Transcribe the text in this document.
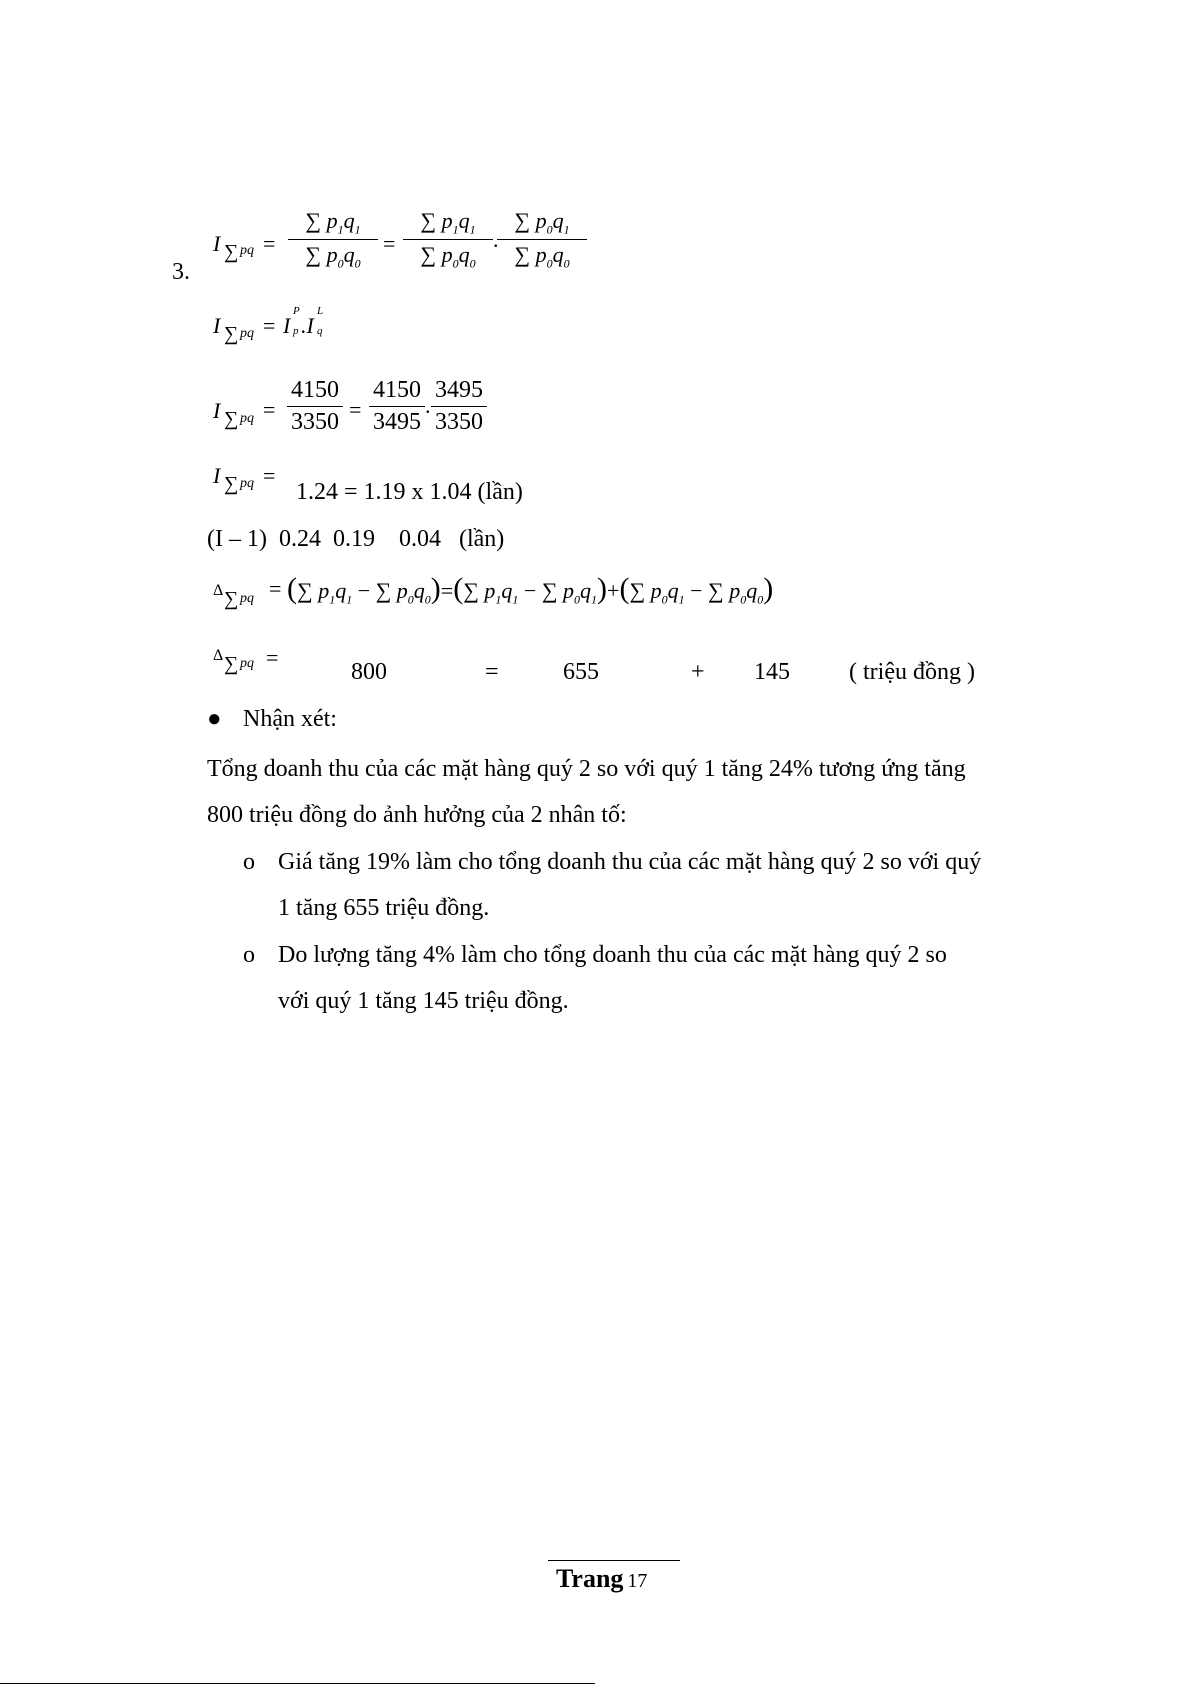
3.
I ∑ pq =
∑ $p_1q_1$
∑ $p_0q_0$
=
∑ $p_1q_1$
∑ $p_0q_0$
.
∑ $p_0q_1$
∑ $p_0q_0$
I ∑ pq = I
P
p .I
L
q
I ∑ pq =
4150
3350 =
4150
3495
.
3495
3350
I ∑ pq =
1.24 = 1.19 x 1.04 (lần)
(I – 1)  0.24  0.19    0.04   (lần)
Δ ∑ pq = (∑ $p_1q_1$ − ∑ $p_0q_0)=(\sum$ $p_1q_1$ − ∑ $p_0q_1)+(\sum$ $p_0q_1$ − ∑ $p_0q_0$)
Δ ∑ pq =
800	=	655	+ 145 ( triệu đồng )
● Nhận xét:
Tổng doanh thu của các mặt hàng quý 2 so với quý 1 tăng 24% tương ứng tăng
800 triệu đồng do ảnh hưởng của 2 nhân tố:
o Giá tăng 19% làm cho tổng doanh thu của các mặt hàng quý 2 so với quý
1 tăng 655 triệu đồng.
o Do lượng tăng 4% làm cho tổng doanh thu của các mặt hàng quý 2 so
với quý 1 tăng 145 triệu đồng.
Trang 17
